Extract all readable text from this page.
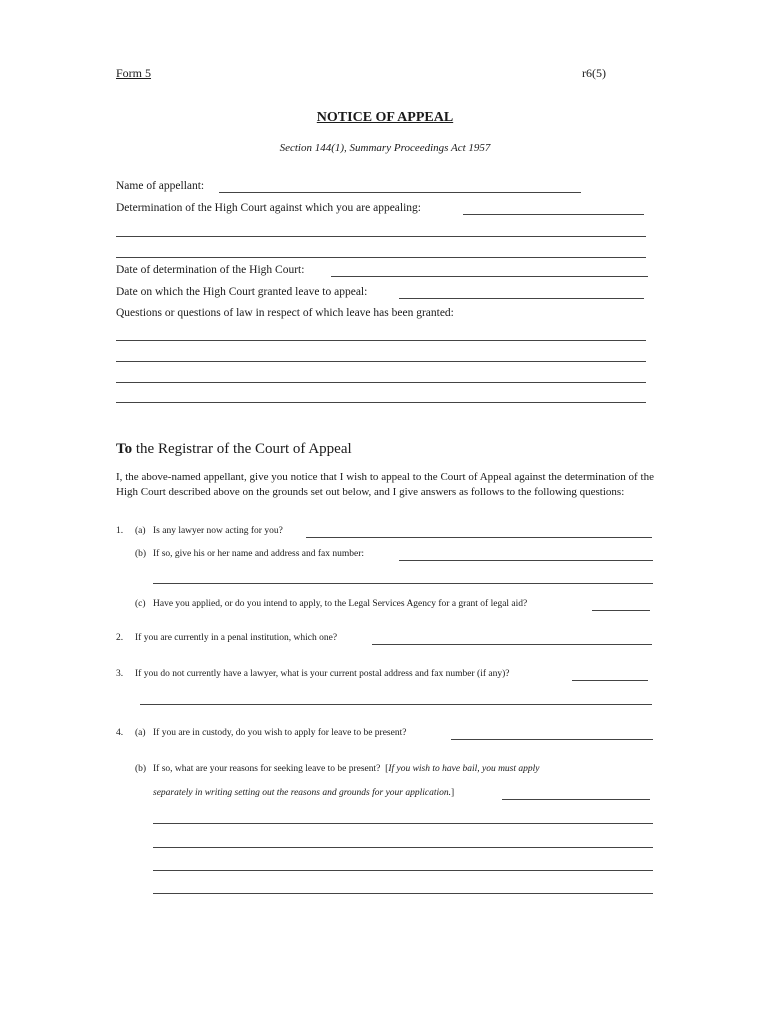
Form 5	r6(5)
NOTICE OF APPEAL
Section 144(1), Summary Proceedings Act 1957
Name of appellant:
Determination of the High Court against which you are appealing:
Date of determination of the High Court:
Date on which the High Court granted leave to appeal:
Questions or questions of law in respect of which leave has been granted:
To the Registrar of the Court of Appeal
I, the above-named appellant, give you notice that I wish to appeal to the Court of Appeal against the determination of the High Court described above on the grounds set out below, and I give answers as follows to the following questions:
1. (a) Is any lawyer now acting for you?
(b) If so, give his or her name and address and fax number:
(c) Have you applied, or do you intend to apply, to the Legal Services Agency for a grant of legal aid?
2. If you are currently in a penal institution, which one?
3. If you do not currently have a lawyer, what is your current postal address and fax number (if any)?
4. (a) If you are in custody, do you wish to apply for leave to be present?
(b) If so, what are your reasons for seeking leave to be present? [If you wish to have bail, you must apply
separately in writing setting out the reasons and grounds for your application.]
